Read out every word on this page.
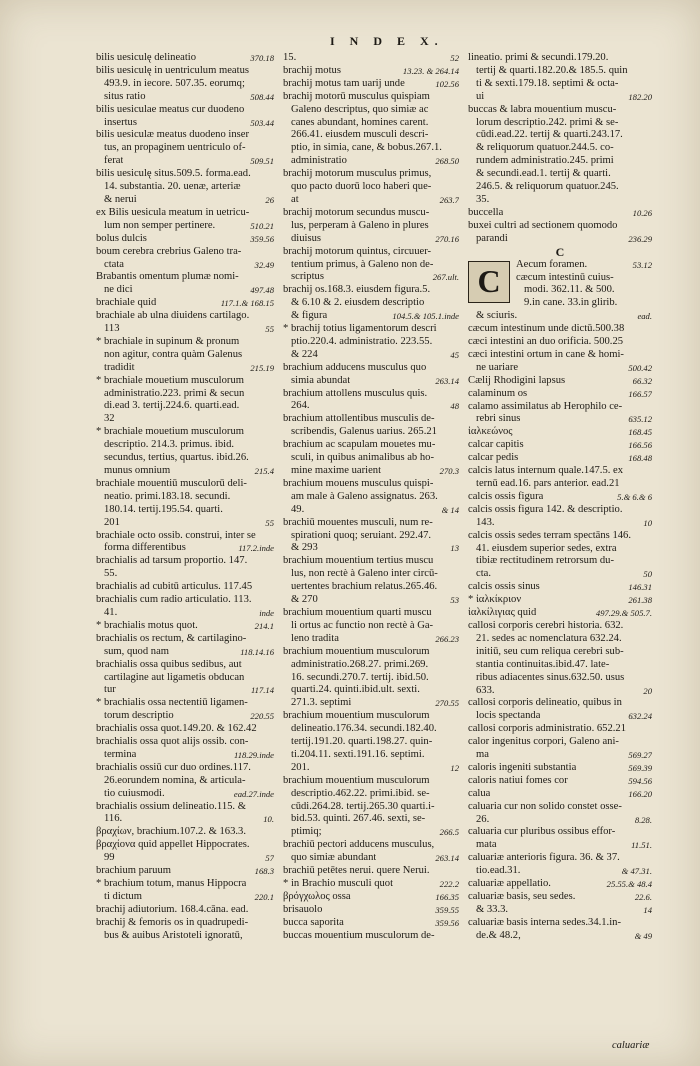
I N D E X.
bilis uesiculę delineatio	370.18
bilis uesiculę in uentriculum meatus
493.9. in iecore. 507.35. eorumq;
situs ratio	508.44
bilis uesiculae meatus cur duodeno
insertus	503.44
bilis uesiculæ meatus duodeno inser
tus, an propaginem uentriculo of-
ferat	509.51
bilis uesiculę situs.509.5. forma.ead.
14. substantia. 20. uenæ, arteriæ
& nerui	26
ex Bilis uesicula meatum in uetricu-
lum non semper pertinere.	510.21
bolus dulcis	359.56
boum cerebra crebrius Galeno tra-
ctata	32.49
Brabantis omentum plumæ nomi-
ne dici	497.48
brachiale quid	117.1.& 168.15
brachiale ab ulna diuidens cartilago.
113	55
* brachiale in supinum & pronum
non agitur, contra quàm Galenus
tradidit	215.19
* brachiale mouetium musculorum
administratio.223. primi & secun
di.ead 3. tertij.224.6. quarti.ead.
32
* brachiale mouetium musculorum
descriptio. 214.3. primus. ibid.
secundus, tertius, quartus. ibid.26.
munus omnium	215.4
brachiale mouentiū musculorū deli-
neatio. primi.183.18. secundi.
180.14. tertij.195.54. quarti.
201	55
brachiale octo ossib. construi, inter se
forma differentibus	117.2.inde
brachialis ad tarsum proportio. 147.
55.
brachialis ad cubitū articulus. 117.45
brachialis cum radio articulatio. 113.
41.	inde
* brachialis motus quot.	214.1
brachialis os rectum, & cartilagino-
sum, quod nam	118.14.16
brachialis ossa quibus sedibus, aut
cartilagine aut ligametis obducan
tur	117.14
* brachialis ossa nectentiū ligamen-
torum descriptio	220.55
brachialis ossa quot.149.20. & 162.42
brachialis ossa quot alijs ossib. con-
termina	118.29.inde
brachialis ossiū cur duo ordines.117.
26.eorundem nomina, & articula-
tio cuiusmodi.	ead.27.inde
brachialis ossium delineatio.115. &
116.	10.
βραχίων, brachium.107.2. & 163.3.
βραχίονα quid appellet Hippocrates.
99	57
brachium paruum	168.3
* brachium totum, manus Hippocra
ti dictum	220.1
brachij adiutorium. 168.4.cāna. ead.
brachij & femoris os in quadrupedi-
bus & auibus Aristoteli ignoratū,
15.	52
brachij motus	13.23. & 264.14
brachij motus tam uarij unde	102.56
brachij motorū musculus quispiam
Galeno descriptus, quo simiæ ac
canes abundant, homines carent.
266.41. eiusdem musculi descri-
ptio, in simia, cane, & bobus.267.1.
administratio	268.50
brachij motorum musculus primus,
quo pacto duorū loco haberi que-
at	263.7
brachij motorum secundus muscu-
lus, perperam à Galeno in plures
diuisus	270.16
brachij motorum quintus, circuuer-
tentium primus, à Galeno non de-
scriptus	267.ult.
brachij os.168.3. eiusdem figura.5.
& 6.10 & 2. eiusdem descriptio
& figura	104.5.& 105.1.inde
* brachij totius ligamentorum descri
ptio.220.4. administratio. 223.55.
& 224	45
brachium adducens musculus quo
simia abundat	263.14
brachium attollens musculus quis.
264.	48
brachium attollentibus musculis de-
scribendis, Galenus uarius. 265.21
brachium ac scapulam mouetes mu-
sculi, in quibus animalibus ab ho-
mine maxime uarient	270.3
brachium mouens musculus quispi-
am male à Galeno assignatus. 263.
49.	& 14
brachiū mouentes musculi, num re-
spirationi quoq; seruiant. 292.47.
& 293	13
brachium mouentium tertius muscu
lus, non rectè à Galeno inter circū-
uertentes brachium relatus.265.46.
& 270	53
brachium mouentium quarti muscu
li ortus ac functio non rectè à Ga-
leno tradita	266.23
brachium mouentium musculorum
administratio.268.27. primi.269.
16. secundi.270.7. tertij. ibid.50.
quarti.24. quinti.ibid.ult. sexti.
271.3. septimi	270.55
brachium mouentium musculorum
delineatio.176.34. secundi.182.40.
tertij.191.20. quarti.198.27. quin-
ti.204.11. sexti.191.16. septimi.
201.	12
brachium mouentium musculorum
descriptio.462.22. primi.ibid. se-
cūdi.264.28. tertij.265.30 quarti.i-
bid.53. quinti. 267.46. sexti, se-
ptimiq;	266.5
brachiū pectori adducens musculus,
quo simiæ abundant	263.14
brachiū petētes nerui. quere Nerui.
* in Brachio musculi quot	222.2
βρόγχωλος ossa	166.35
brisauolo	359.55
bucca saporita	359.56
buccas mouentium musculorum de-
lineatio. primi & secundi.179.20.
tertij & quarti.182.20.& 185.5. quin
ti & sexti.179.18. septimi & octa-
ui	182.20
buccas & labra mouentium muscu-
lorum descriptio.242. primi & se-
cūdi.ead.22. tertij & quarti.243.17.
& reliquorum quatuor.244.5. co-
rundem administratio.245. primi
& secundi.ead.1. tertij & quarti.
246.5. & reliquorum quatuor.245.
35.
buccella	10.26
buxei cultri ad sectionem quomodo
parandi	236.29
C
C	Aecum foramen.	53.12
cæcum intestinū cuius-
modi. 362.11. & 500.
9.in cane. 33.in glirib.
& sciuris.	ead.
cæcum intestinum unde dictū.500.38
cæci intestini an duo orificia. 500.25
cæci intestini ortum in cane & homi-
ne uariare	500.42
Cælij Rhodigini lapsus	66.32
calaminum os	166.57
calamo assimilatus ab Herophilo ce-
rebri sinus	635.12
ἰαλκεώνος	168.45
calcar capitis	166.56
calcar pedis	168.48
calcis latus internum quale.147.5. ex
ternū ead.16. pars anterior. ead.21
calcis ossis figura	5.& 6.& 6
calcis ossis figura 142. & descriptio.
143.	10
calcis ossis sedes terram spectāns 146.
41. eiusdem superior sedes, extra
tibiæ rectitudinem retrorsum du-
cta.	50
calcis ossis sinus	146.31
* ἰαλκίκριον	261.38
ἰαλκίλιγιας quid	497.29.& 505.7.
callosi corporis cerebri historia. 632.
21. sedes ac nomenclatura 632.24.
initiū, seu cum reliqua cerebri sub-
stantia continuitas.ibid.47. late-
ribus adiacentes sinus.632.50. usus
633.	20
callosi corporis delineatio, quibus in
locis spectanda	632.24
callosi corporis administratio. 652.21
calor ingenitus corpori, Galeno ani-
ma	569.27
caloris ingeniti substantia	569.39
caloris natiui fomes cor	594.56
calua	166.20
caluaria cur non solido constet osse-
26.	8.28.
caluaria cur pluribus ossibus effor-
mata	11.51.
caluariæ anterioris figura. 36. & 37.
tio.ead.31.	& 47.31.
caluariæ appellatio.	25.55.& 48.4
caluariæ basis, seu sedes.	22.6.
& 33.3.	14
caluariæ basis interna sedes.34.1.in-
de.& 48.2,	& 49
caluariæ
